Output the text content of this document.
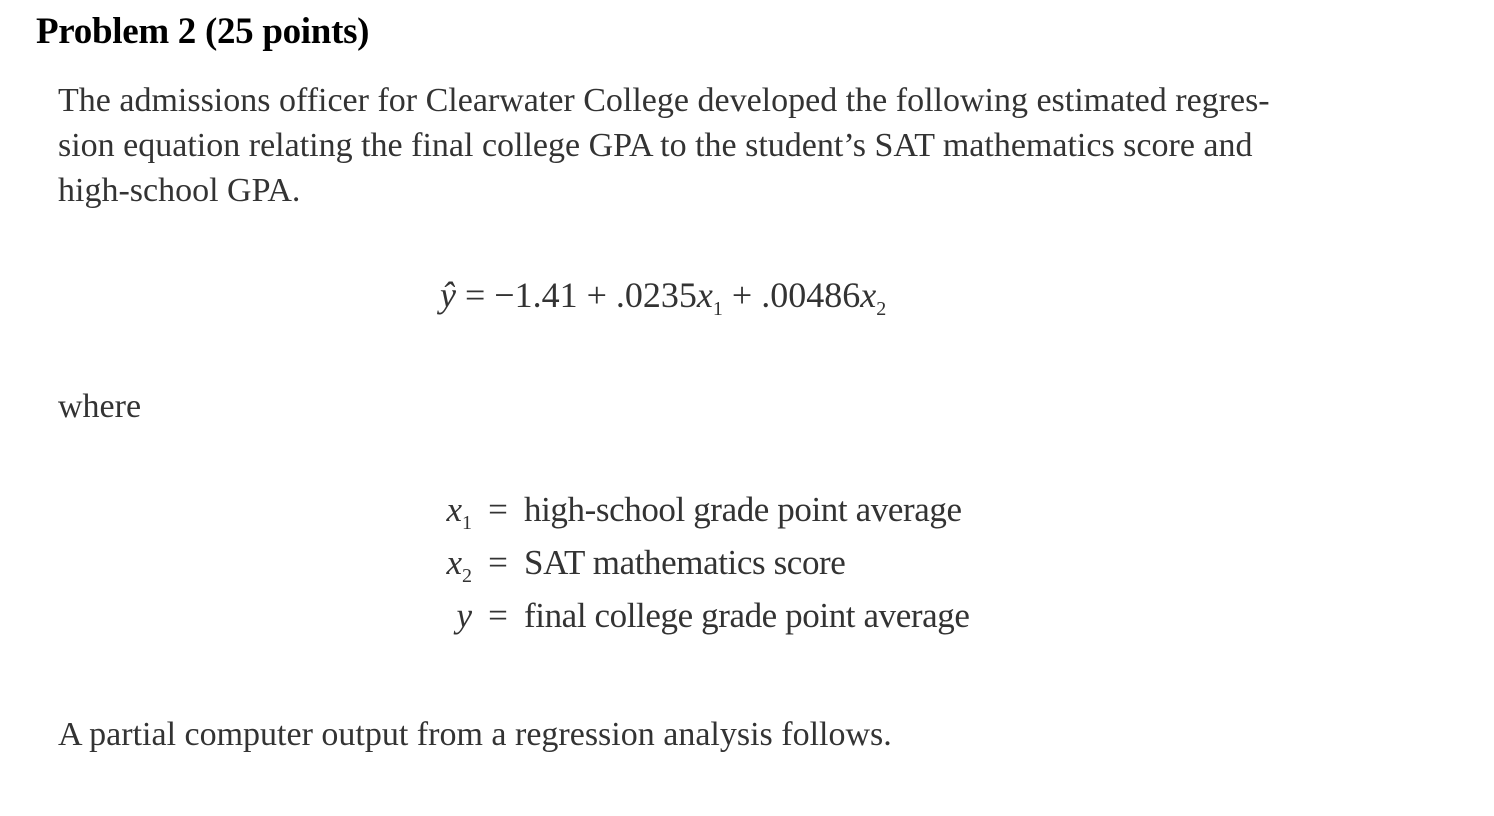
Problem 2 (25 points)
The admissions officer for Clearwater College developed the following estimated regres-
sion equation relating the final college GPA to the student’s SAT mathematics score and
high-school GPA.
ŷ = $-1.41 + .0235x_1 + .00486x_2$
where
$x_1$ = high-school grade point average
$x_2$ = SAT mathematics score
y = final college grade point average
A partial computer output from a regression analysis follows.
